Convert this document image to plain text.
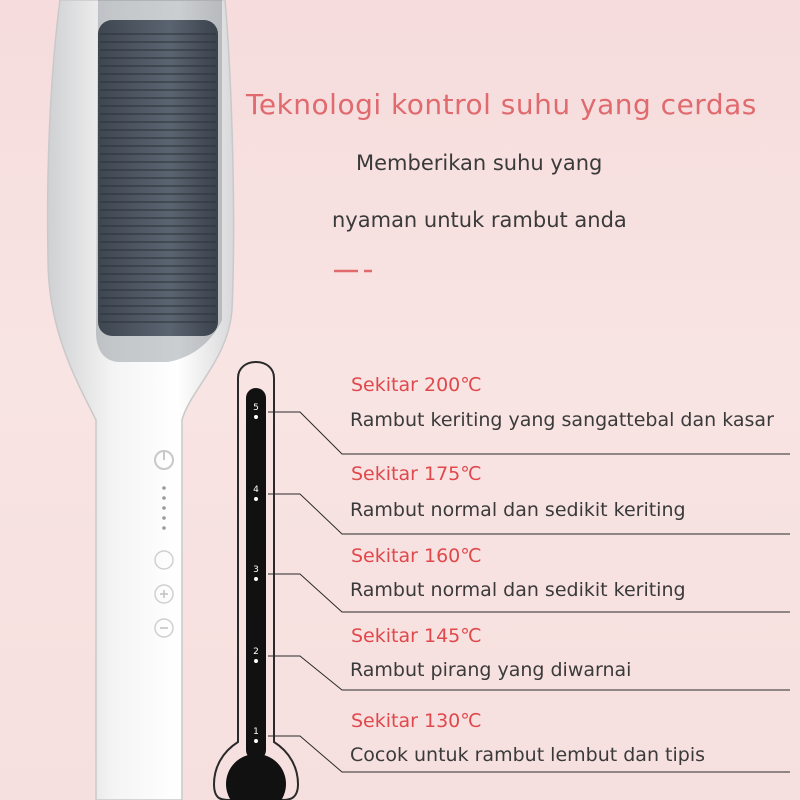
5
4
3
2
1
Teknologi kontrol suhu yang cerdas
Memberikan suhu yang
nyaman untuk rambut anda
Sekitar 200℃
Rambut keriting yang sangattebal dan kasar
Sekitar 175℃
Rambut normal dan sedikit keriting
Sekitar 160℃
Rambut normal dan sedikit keriting
Sekitar 145℃
Rambut pirang yang diwarnai
Sekitar 130℃
Cocok untuk rambut lembut dan tipis
